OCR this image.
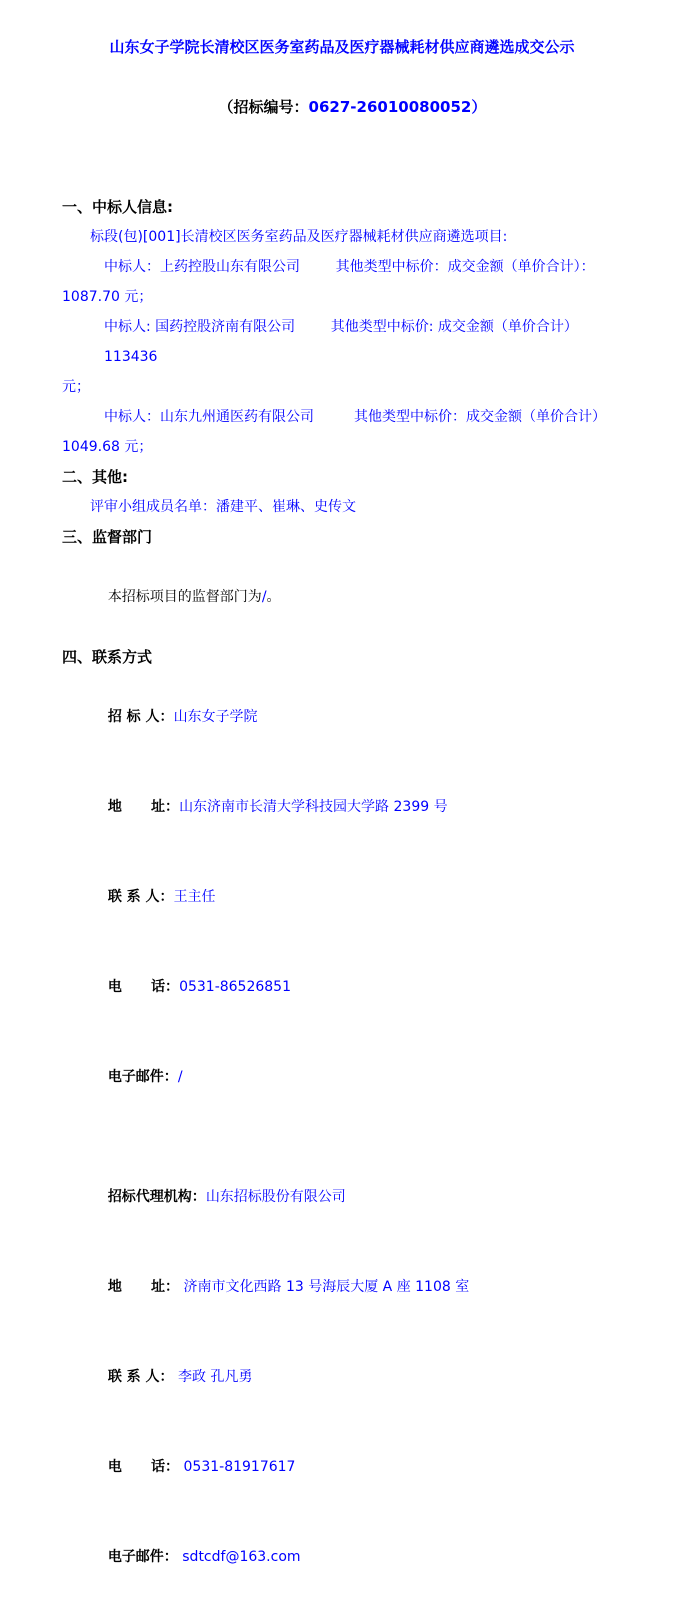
山东女子学院长清校区医务室药品及医疗器械耗材供应商遴选成交公示

（招标编号：0627-26010080052）

一、中标人信息:
标段(包)[001]长清校区医务室药品及医疗器械耗材供应商遴选项目:
中标人：上药控股山东有限公司        其他类型中标价：成交金额（单价合计）：
1087.70 元；
中标人: 国药控股济南有限公司        其他类型中标价: 成交金额（单价合计）113436
元；
中标人：山东九州通医药有限公司         其他类型中标价：成交金额（单价合计）
1049.68 元；
二、其他:
评审小组成员名单：潘建平、崔琳、史传文
三、监督部门

本招标项目的监督部门为/。

四、联系方式

招 标 人：山东女子学院

地      址：山东济南市长清大学科技园大学路 2399 号

联 系 人：王主任

电      话：0531-86526851

电子邮件：/

招标代理机构：山东招标股份有限公司

地      址： 济南市文化西路 13 号海辰大厦 A 座 1108 室

联 系 人： 李政 孔凡勇

电      话： 0531-81917617

电子邮件： sdtcdf@163.com
